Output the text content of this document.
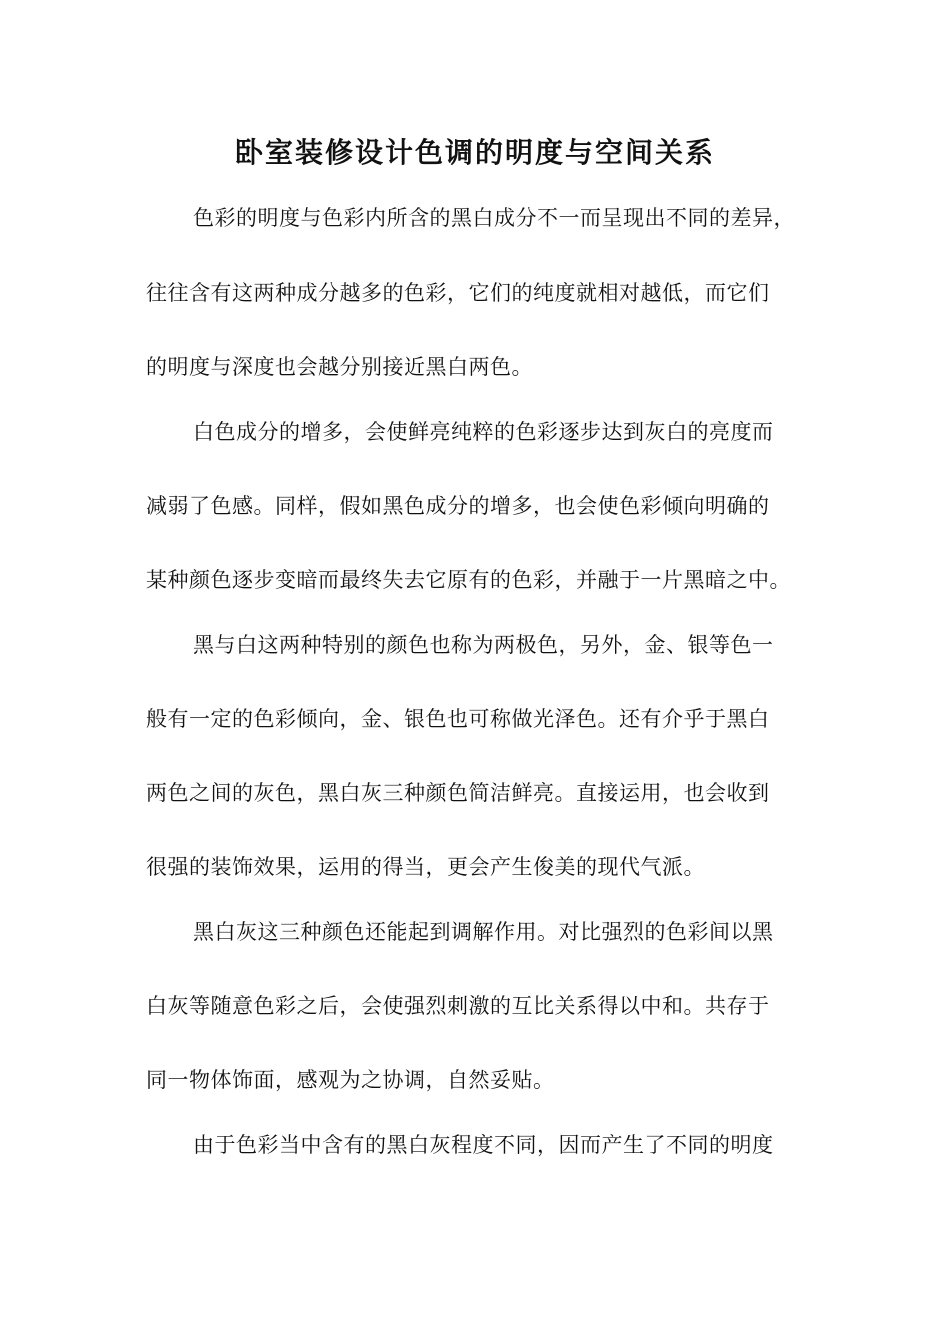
卧室装修设计色调的明度与空间关系
色彩的明度与色彩内所含的黑白成分不一而呈现出不同的差异，
往往含有这两种成分越多的色彩，它们的纯度就相对越低，而它们
的明度与深度也会越分别接近黑白两色。
白色成分的增多，会使鲜亮纯粹的色彩逐步达到灰白的亮度而
减弱了色感。同样，假如黑色成分的增多，也会使色彩倾向明确的
某种颜色逐步变暗而最终失去它原有的色彩，并融于一片黑暗之中。
黑与白这两种特别的颜色也称为两极色，另外，金、银等色一
般有一定的色彩倾向，金、银色也可称做光泽色。还有介乎于黑白
两色之间的灰色，黑白灰三种颜色简洁鲜亮。直接运用，也会收到
很强的装饰效果，运用的得当，更会产生俊美的现代气派。
黑白灰这三种颜色还能起到调解作用。对比强烈的色彩间以黑
白灰等随意色彩之后，会使强烈刺激的互比关系得以中和。共存于
同一物体饰面，感观为之协调，自然妥贴。
由于色彩当中含有的黑白灰程度不同，因而产生了不同的明度
